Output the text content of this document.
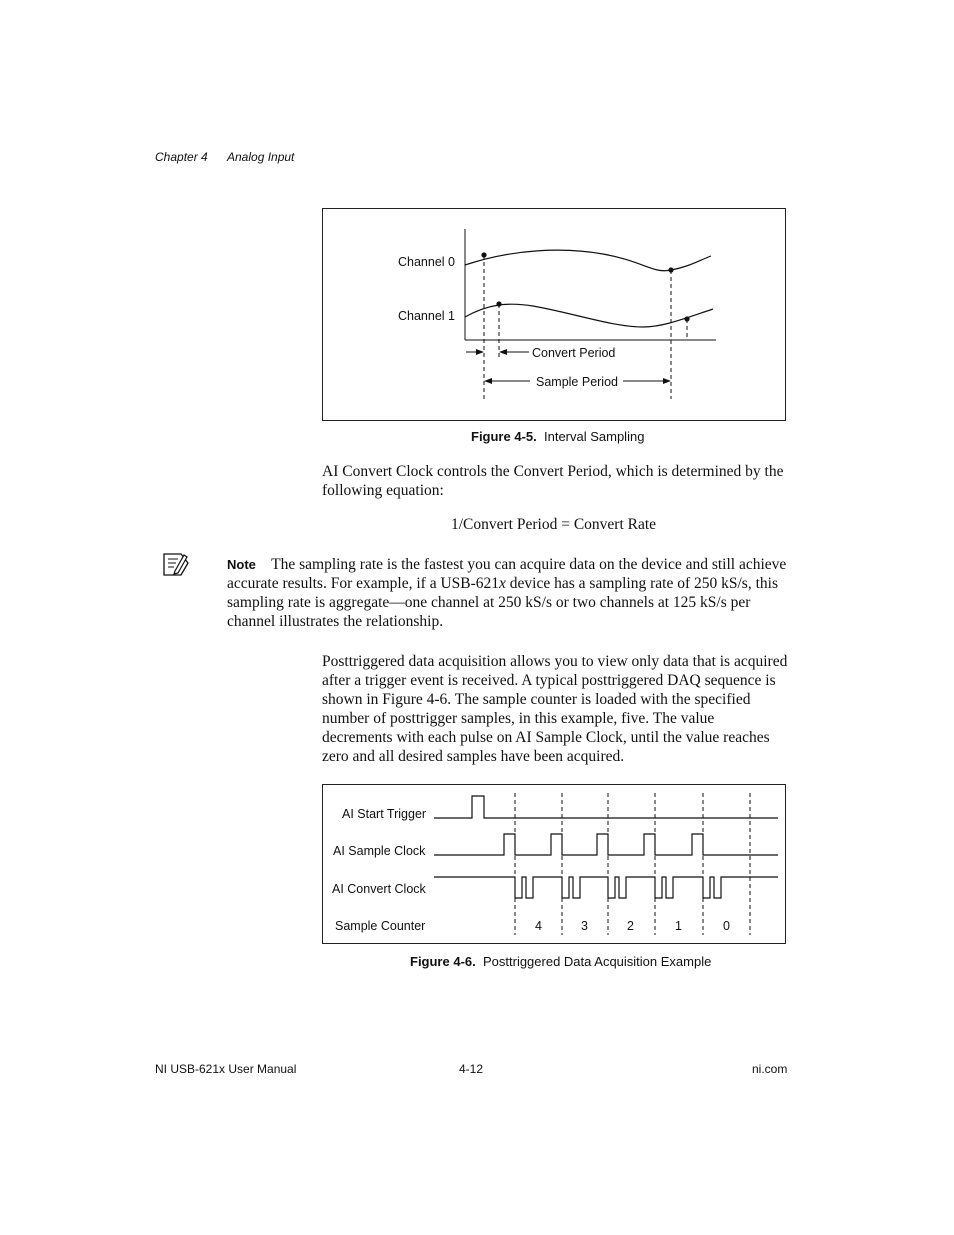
Chapter 4 Analog Input
Convert Period
Sample Period
Channel 0
Channel 1
Figure 4-5. Interval Sampling
AI Convert Clock controls the Convert Period, which is determined by the following equation:
1/Convert Period = Convert Rate
Note The sampling rate is the fastest you can acquire data on the device and still achieve accurate results. For example, if a USB-621x device has a sampling rate of 250 kS/s, this sampling rate is aggregate—one channel at 250 kS/s or two channels at 125 kS/s per channel illustrates the relationship.
Posttriggered data acquisition allows you to view only data that is acquired after a trigger event is received. A typical posttriggered DAQ sequence is shown in Figure 4-6. The sample counter is loaded with the specified number of posttrigger samples, in this example, five. The value decrements with each pulse on AI Sample Clock, until the value reaches zero and all desired samples have been acquired.
AI Start Trigger
AI Sample Clock
AI Convert Clock
Sample Counter	4	3	2	1	0
Figure 4-6. Posttriggered Data Acquisition Example
NI USB-621x User Manual	4-12	ni.com
